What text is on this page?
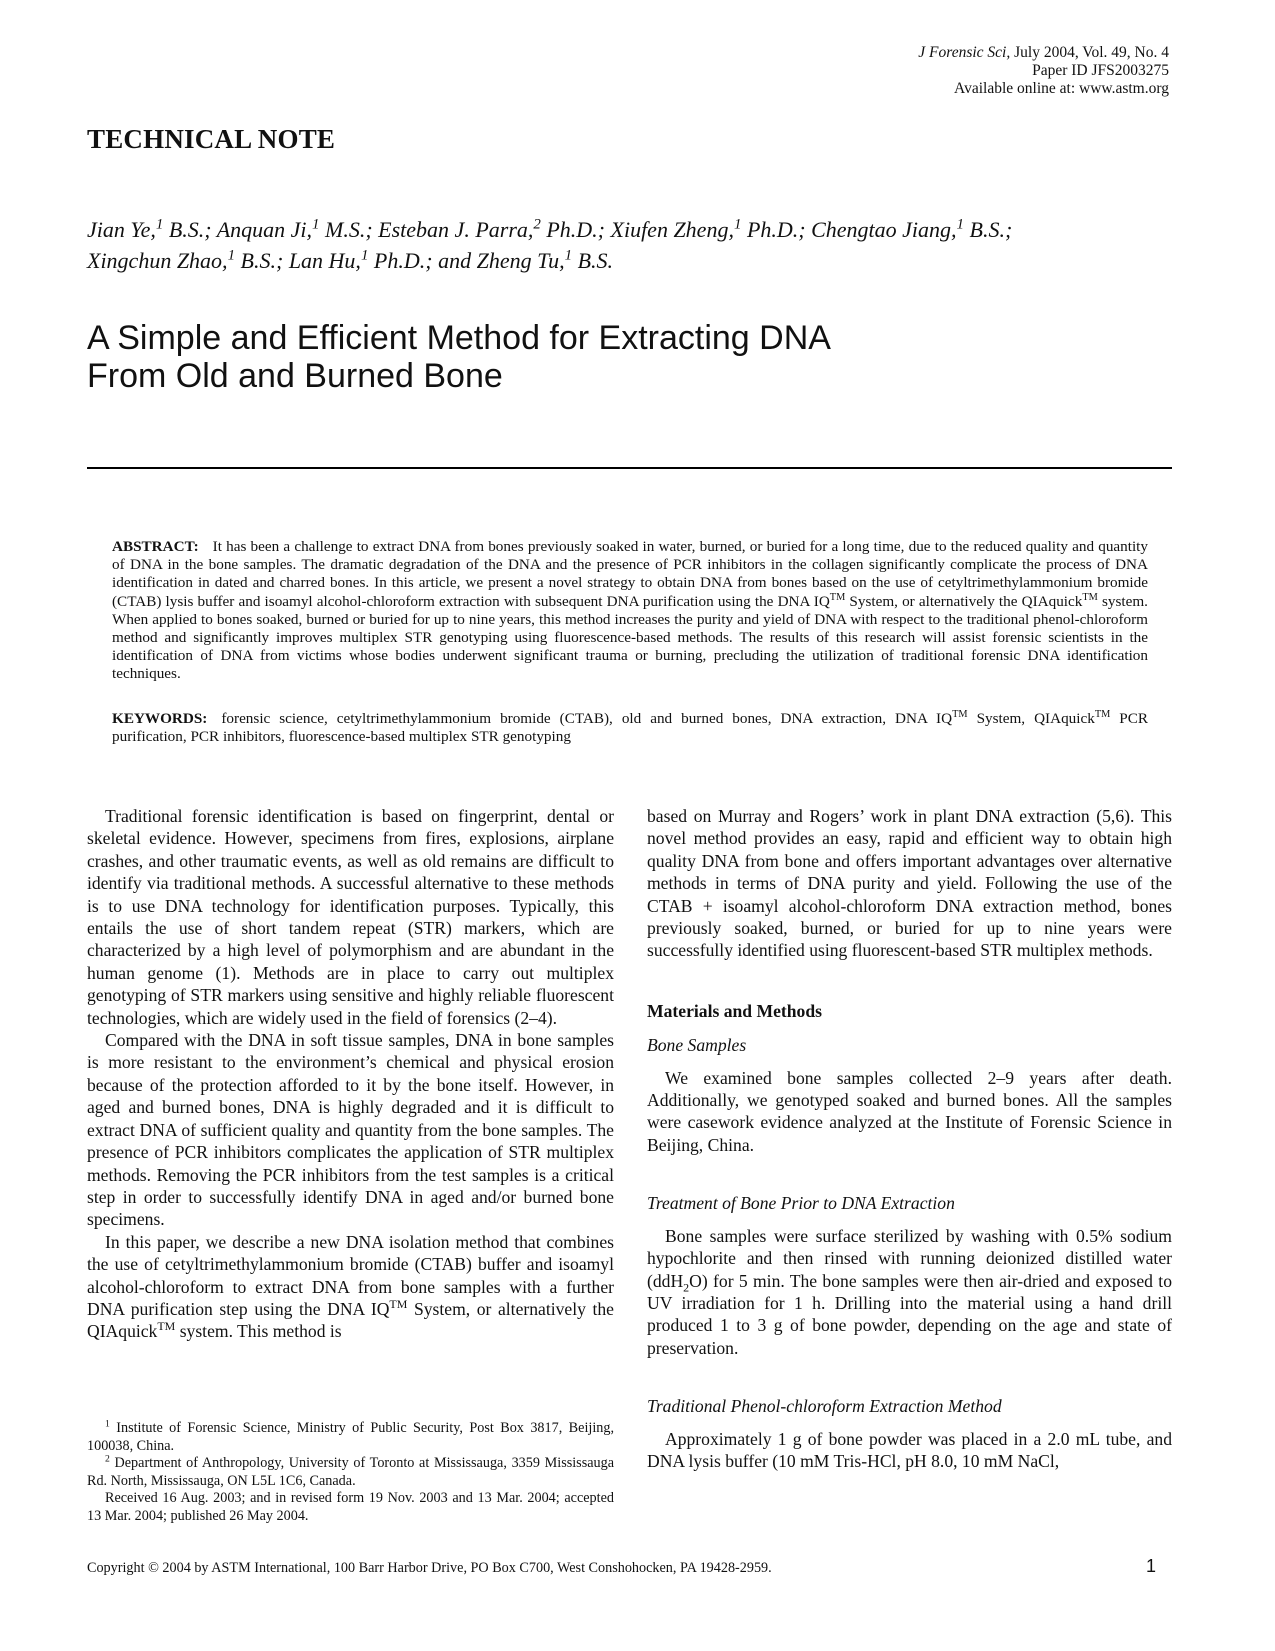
J Forensic Sci, July 2004, Vol. 49, No. 4
Paper ID JFS2003275
Available online at: www.astm.org
TECHNICAL NOTE
Jian Ye,$^1$ B.S.; Anquan Ji,$^1$ M.S.; Esteban J. Parra,$^2$ Ph.D.; Xiufen Zheng,$^1$ Ph.D.; Chengtao Jiang,$^1$ B.S.;
Xingchun Zhao,$^1$ B.S.; Lan Hu,$^1$ Ph.D.; and Zheng Tu,$^1$ B.S.
A Simple and Efficient Method for Extracting DNA
From Old and Burned Bone
ABSTRACT: It has been a challenge to extract DNA from bones previously soaked in water, burned, or buried for a long time, due to the reduced quality and quantity of DNA in the bone samples. The dramatic degradation of the DNA and the presence of PCR inhibitors in the collagen significantly complicate the process of DNA identification in dated and charred bones. In this article, we present a novel strategy to obtain DNA from bones based on the use of cetyltrimethylammonium bromide (CTAB) lysis buffer and isoamyl alcohol-chloroform extraction with subsequent DNA purification using the DNA IQ™ System, or alternatively the QIAquick™ system. When applied to bones soaked, burned or buried for up to nine years, this method increases the purity and yield of DNA with respect to the traditional phenol-chloroform method and significantly improves multiplex STR genotyping using fluorescence-based methods. The results of this research will assist forensic scientists in the identification of DNA from victims whose bodies underwent significant trauma or burning, precluding the utilization of traditional forensic DNA identification techniques.
KEYWORDS: forensic science, cetyltrimethylammonium bromide (CTAB), old and burned bones, DNA extraction, DNA IQ™ System, QIAquick™ PCR purification, PCR inhibitors, fluorescence-based multiplex STR genotyping

Traditional forensic identification is based on fingerprint, dental or skeletal evidence. However, specimens from fires, explosions, airplane crashes, and other traumatic events, as well as old remains are difficult to identify via traditional methods. A successful alternative to these methods is to use DNA technology for identification purposes. Typically, this entails the use of short tandem repeat (STR) markers, which are characterized by a high level of polymorphism and are abundant in the human genome (1). Methods are in place to carry out multiplex genotyping of STR markers using sensitive and highly reliable fluorescent technologies, which are widely used in the field of forensics (2–4).

Compared with the DNA in soft tissue samples, DNA in bone samples is more resistant to the environment’s chemical and physical erosion because of the protection afforded to it by the bone itself. However, in aged and burned bones, DNA is highly degraded and it is difficult to extract DNA of sufficient quality and quantity from the bone samples. The presence of PCR inhibitors complicates the application of STR multiplex methods. Removing the PCR inhibitors from the test samples is a critical step in order to successfully identify DNA in aged and/or burned bone specimens.

In this paper, we describe a new DNA isolation method that combines the use of cetyltrimethylammonium bromide (CTAB) buffer and isoamyl alcohol-chloroform to extract DNA from bone samples with a further DNA purification step using the DNA IQ™ System, or alternatively the QIAquick™ system. This method is

$^1$ Institute of Forensic Science, Ministry of Public Security, Post Box 3817, Beijing, 100038, China.

$^2$ Department of Anthropology, University of Toronto at Mississauga, 3359 Mississauga Rd. North, Mississauga, ON L5L 1C6, Canada.

Received 16 Aug. 2003; and in revised form 19 Nov. 2003 and 13 Mar. 2004; accepted 13 Mar. 2004; published 26 May 2004.

based on Murray and Rogers’ work in plant DNA extraction (5,6). This novel method provides an easy, rapid and efficient way to obtain high quality DNA from bone and offers important advantages over alternative methods in terms of DNA purity and yield. Following the use of the CTAB + isoamyl alcohol-chloroform DNA extraction method, bones previously soaked, burned, or buried for up to nine years were successfully identified using fluorescent-based STR multiplex methods.

Materials and Methods
Bone Samples

We examined bone samples collected 2–9 years after death. Additionally, we genotyped soaked and burned bones. All the samples were casework evidence analyzed at the Institute of Forensic Science in Beijing, China.

Treatment of Bone Prior to DNA Extraction

Bone samples were surface sterilized by washing with 0.5% sodium hypochlorite and then rinsed with running deionized distilled water (ddH$_2$O) for 5 min. The bone samples were then air-dried and exposed to UV irradiation for 1 h. Drilling into the material using a hand drill produced 1 to 3 g of bone powder, depending on the age and state of preservation.

Traditional Phenol-chloroform Extraction Method

Approximately 1 g of bone powder was placed in a 2.0 mL tube, and DNA lysis buffer (10 mM Tris-HCl, pH 8.0, 10 mM NaCl,

Copyright © 2004 by ASTM International, 100 Barr Harbor Drive, PO Box C700, West Conshohocken, PA 19428-2959.	1
